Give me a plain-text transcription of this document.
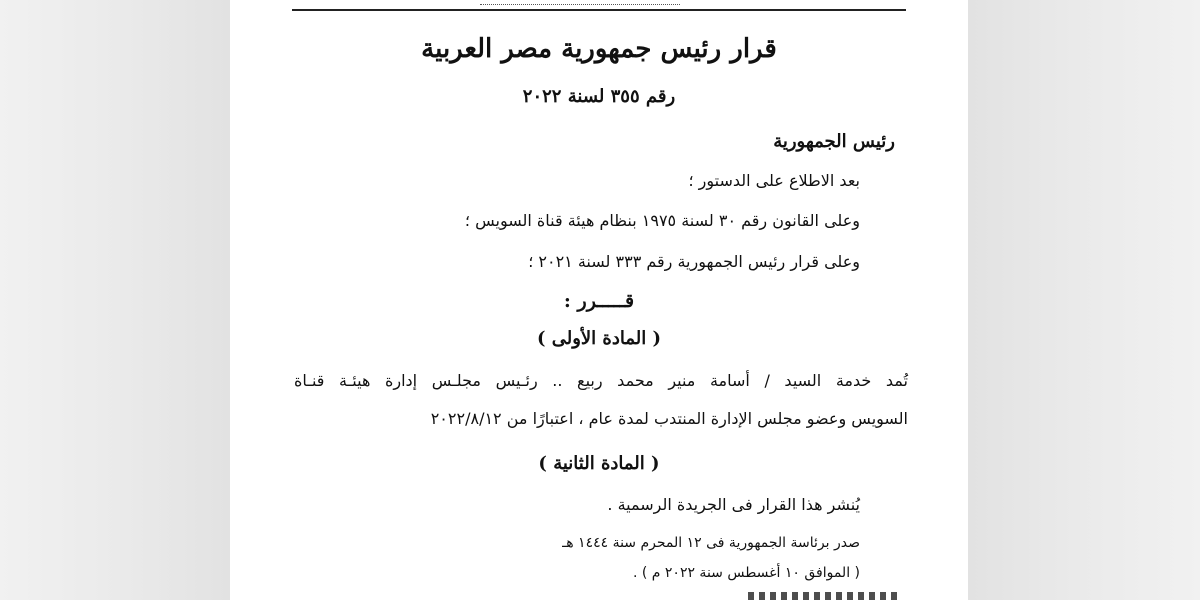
قرار رئيس جمهورية مصر العربية

رقم ٣٥٥ لسنة ٢٠٢٢

رئيس الجمهورية

بعد الاطلاع على الدستور ؛

وعلى القانون رقم ٣٠ لسنة ١٩٧٥ بنظام هيئة قناة السويس ؛

وعلى قرار رئيس الجمهورية رقم ٣٣٣ لسنة ٢٠٢١ ؛

قـــــرر :

( المادة الأولى )

تُمد خدمة السيد / أسامة منير محمد ربيع .. رئـيس مجلـس إدارة هيئـة قنـاة

السويس وعضو مجلس الإدارة المنتدب لمدة عام ، اعتبارًا من ٢٠٢٢/٨/١٢

( المادة الثانية )

يُنشر هذا القرار فى الجريدة الرسمية .

صدر برئاسة الجمهورية فى ١٢ المحرم سنة ١٤٤٤ هـ

( الموافق ١٠ أغسطس سنة ٢٠٢٢ م ) .
